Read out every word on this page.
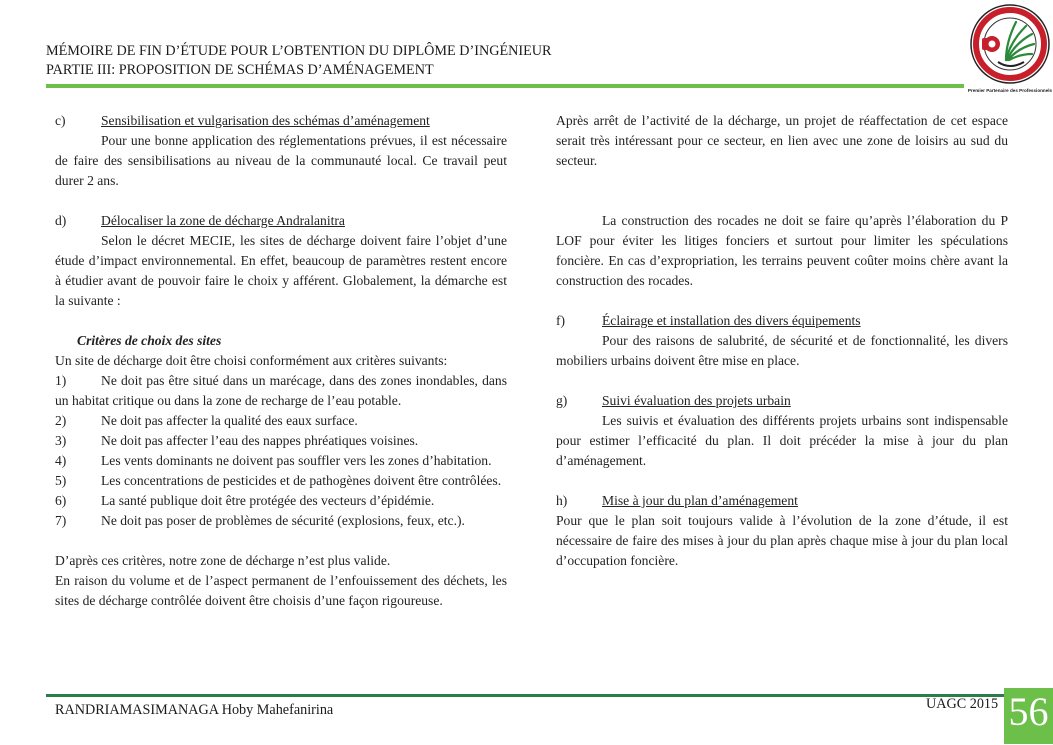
MÉMOIRE DE FIN D’ÉTUDE POUR L’OBTENTION DU DIPLÔME D’INGÉNIEUR
PARTIE III: PROPOSITION DE SCHÉMAS D’AMÉNAGEMENT
Premier Partenaire des Professionnels

c)	Sensibilisation et vulgarisation des schémas d’aménagement

Pour une bonne application des réglementations prévues, il est nécessaire de faire des sensibilisations au niveau de la communauté local. Ce travail peut durer 2 ans.

d)	Délocaliser la zone de décharge Andralanitra

Selon le décret MECIE, les sites de décharge doivent faire l’objet d’une étude d’impact environnemental. En effet, beaucoup de paramètres restent encore à étudier avant de pouvoir faire le choix y afférent. Globalement, la démarche est la suivante :

Critères de choix des sites

Un site de décharge doit être choisi conformément aux critères suivants:

1)	Ne doit pas être situé dans un marécage, dans des zones inondables, dans un habitat critique ou dans la zone de recharge de l’eau potable.

2)	Ne doit pas affecter la qualité des eaux surface.

3)	Ne doit pas affecter l’eau des nappes phréatiques voisines.

4)	Les vents dominants ne doivent pas souffler vers les zones d’habitation.

5)	Les concentrations de pesticides et de pathogènes doivent être contrôlées.

6)	La santé publique doit être protégée des vecteurs d’épidémie.

7)	Ne doit pas poser de problèmes de sécurité (explosions, feux, etc.).

D’après ces critères, notre zone de décharge n’est plus valide.

En raison du volume et de l’aspect permanent de l’enfouissement des déchets, les sites de décharge contrôlée doivent être choisis d’une façon rigoureuse.

Après arrêt de l’activité de la décharge, un projet de réaffectation de cet espace serait très intéressant pour ce secteur, en lien avec une zone de loisirs au sud du secteur.

La construction des rocades ne doit se faire qu’après l’élaboration du P LOF pour éviter les litiges fonciers et surtout pour limiter les spéculations foncière. En cas d’expropriation, les terrains peuvent coûter moins chère avant la construction des rocades.

f)	Éclairage et installation des divers équipements

Pour des raisons de salubrité, de sécurité et de fonctionnalité, les divers mobiliers urbains doivent être mise en place.

g)	Suivi évaluation des projets urbain

Les suivis et évaluation des différents projets urbains sont indispensable pour estimer l’efficacité du plan. Il doit précéder la mise à jour du plan d’aménagement.

h)	Mise à jour du plan d’aménagement

Pour que le plan soit toujours valide à l’évolution de la zone d’étude, il est nécessaire de faire des mises à jour du plan après chaque mise à jour du plan local d’occupation foncière.

RANDRIAMASIMANAGA Hoby Mahefanirina	UAGC 2015 56
